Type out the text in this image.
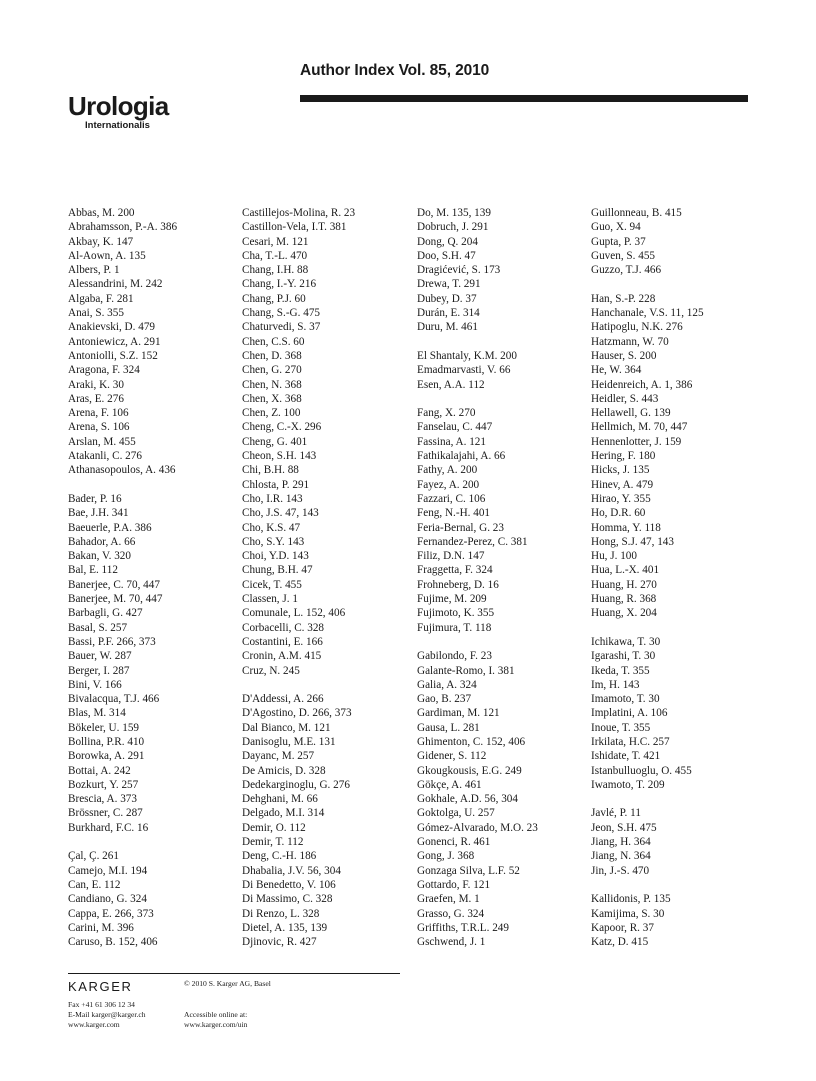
Author Index Vol. 85, 2010
Urologia
Internationalis
Abbas, M. 200
Abrahamsson, P.-A. 386
Akbay, K. 147
Al-Aown, A. 135
Albers, P. 1
Alessandrini, M. 242
Algaba, F. 281
Anai, S. 355
Anakievski, D. 479
Antoniewicz, A. 291
Antoniolli, S.Z. 152
Aragona, F. 324
Araki, K. 30
Aras, E. 276
Arena, F. 106
Arena, S. 106
Arslan, M. 455
Atakanli, C. 276
Athanasopoulos, A. 436
Bader, P. 16
Bae, J.H. 341
Baeuerle, P.A. 386
Bahador, A. 66
Bakan, V. 320
Bal, E. 112
Banerjee, C. 70, 447
Banerjee, M. 70, 447
Barbagli, G. 427
Basal, S. 257
Bassi, P.F. 266, 373
Bauer, W. 287
Berger, I. 287
Bini, V. 166
Bivalacqua, T.J. 466
Blas, M. 314
Bökeler, U. 159
Bollina, P.R. 410
Borowka, A. 291
Bottai, A. 242
Bozkurt, Y. 257
Brescia, A. 373
Brössner, C. 287
Burkhard, F.C. 16
Çal, Ç. 261
Camejo, M.I. 194
Can, E. 112
Candiano, G. 324
Cappa, E. 266, 373
Carini, M. 396
Caruso, B. 152, 406
Castillejos-Molina, R. 23
Castillon-Vela, I.T. 381
Cesari, M. 121
Cha, T.-L. 470
Chang, I.H. 88
Chang, I.-Y. 216
Chang, P.J. 60
Chang, S.-G. 475
Chaturvedi, S. 37
Chen, C.S. 60
Chen, D. 368
Chen, G. 270
Chen, N. 368
Chen, X. 368
Chen, Z. 100
Cheng, C.-X. 296
Cheng, G. 401
Cheon, S.H. 143
Chi, B.H. 88
Chlosta, P. 291
Cho, I.R. 143
Cho, J.S. 47, 143
Cho, K.S. 47
Cho, S.Y. 143
Choi, Y.D. 143
Chung, B.H. 47
Cicek, T. 455
Classen, J. 1
Comunale, L. 152, 406
Corbacelli, C. 328
Costantini, E. 166
Cronin, A.M. 415
Cruz, N. 245
D'Addessi, A. 266
D'Agostino, D. 266, 373
Dal Bianco, M. 121
Danisoglu, M.E. 131
Dayanc, M. 257
De Amicis, D. 328
Dedekarginoglu, G. 276
Dehghani, M. 66
Delgado, M.I. 314
Demir, O. 112
Demir, T. 112
Deng, C.-H. 186
Dhabalia, J.V. 56, 304
Di Benedetto, V. 106
Di Massimo, C. 328
Di Renzo, L. 328
Dietel, A. 135, 139
Djinovic, R. 427
Do, M. 135, 139
Dobruch, J. 291
Dong, Q. 204
Doo, S.H. 47
Dragićević, S. 173
Drewa, T. 291
Dubey, D. 37
Durán, E. 314
Duru, M. 461
El Shantaly, K.M. 200
Emadmarvasti, V. 66
Esen, A.A. 112
Fang, X. 270
Fanselau, C. 447
Fassina, A. 121
Fathikalajahi, A. 66
Fathy, A. 200
Fayez, A. 200
Fazzari, C. 106
Feng, N.-H. 401
Feria-Bernal, G. 23
Fernandez-Perez, C. 381
Filiz, D.N. 147
Fraggetta, F. 324
Frohneberg, D. 16
Fujime, M. 209
Fujimoto, K. 355
Fujimura, T. 118
Gabilondo, F. 23
Galante-Romo, I. 381
Galia, A. 324
Gao, B. 237
Gardiman, M. 121
Gausa, L. 281
Ghimenton, C. 152, 406
Gidener, S. 112
Gkougkousis, E.G. 249
Gökçe, A. 461
Gokhale, A.D. 56, 304
Goktolga, U. 257
Gómez-Alvarado, M.O. 23
Gonenci, R. 461
Gong, J. 368
Gonzaga Silva, L.F. 52
Gottardo, F. 121
Graefen, M. 1
Grasso, G. 324
Griffiths, T.R.L. 249
Gschwend, J. 1
Guillonneau, B. 415
Guo, X. 94
Gupta, P. 37
Guven, S. 455
Guzzo, T.J. 466
Han, S.-P. 228
Hanchanale, V.S. 11, 125
Hatipoglu, N.K. 276
Hatzmann, W. 70
Hauser, S. 200
He, W. 364
Heidenreich, A. 1, 386
Heidler, S. 443
Hellawell, G. 139
Hellmich, M. 70, 447
Hennenlotter, J. 159
Hering, F. 180
Hicks, J. 135
Hinev, A. 479
Hirao, Y. 355
Ho, D.R. 60
Homma, Y. 118
Hong, S.J. 47, 143
Hu, J. 100
Hua, L.-X. 401
Huang, H. 270
Huang, R. 368
Huang, X. 204
Ichikawa, T. 30
Igarashi, T. 30
Ikeda, T. 355
Im, H. 143
Imamoto, T. 30
Implatini, A. 106
Inoue, T. 355
Irkilata, H.C. 257
Ishidate, T. 421
Istanbulluoglu, O. 455
Iwamoto, T. 209
Javlé, P. 11
Jeon, S.H. 475
Jiang, H. 364
Jiang, N. 364
Jin, J.-S. 470
Kallidonis, P. 135
Kamijima, S. 30
Kapoor, R. 37
Katz, D. 415
KARGER	© 2010 S. Karger AG, Basel
Fax +41 61 306 12 34
E-Mail karger@karger.ch
www.karger.com
Accessible online at:
www.karger.com/uin
